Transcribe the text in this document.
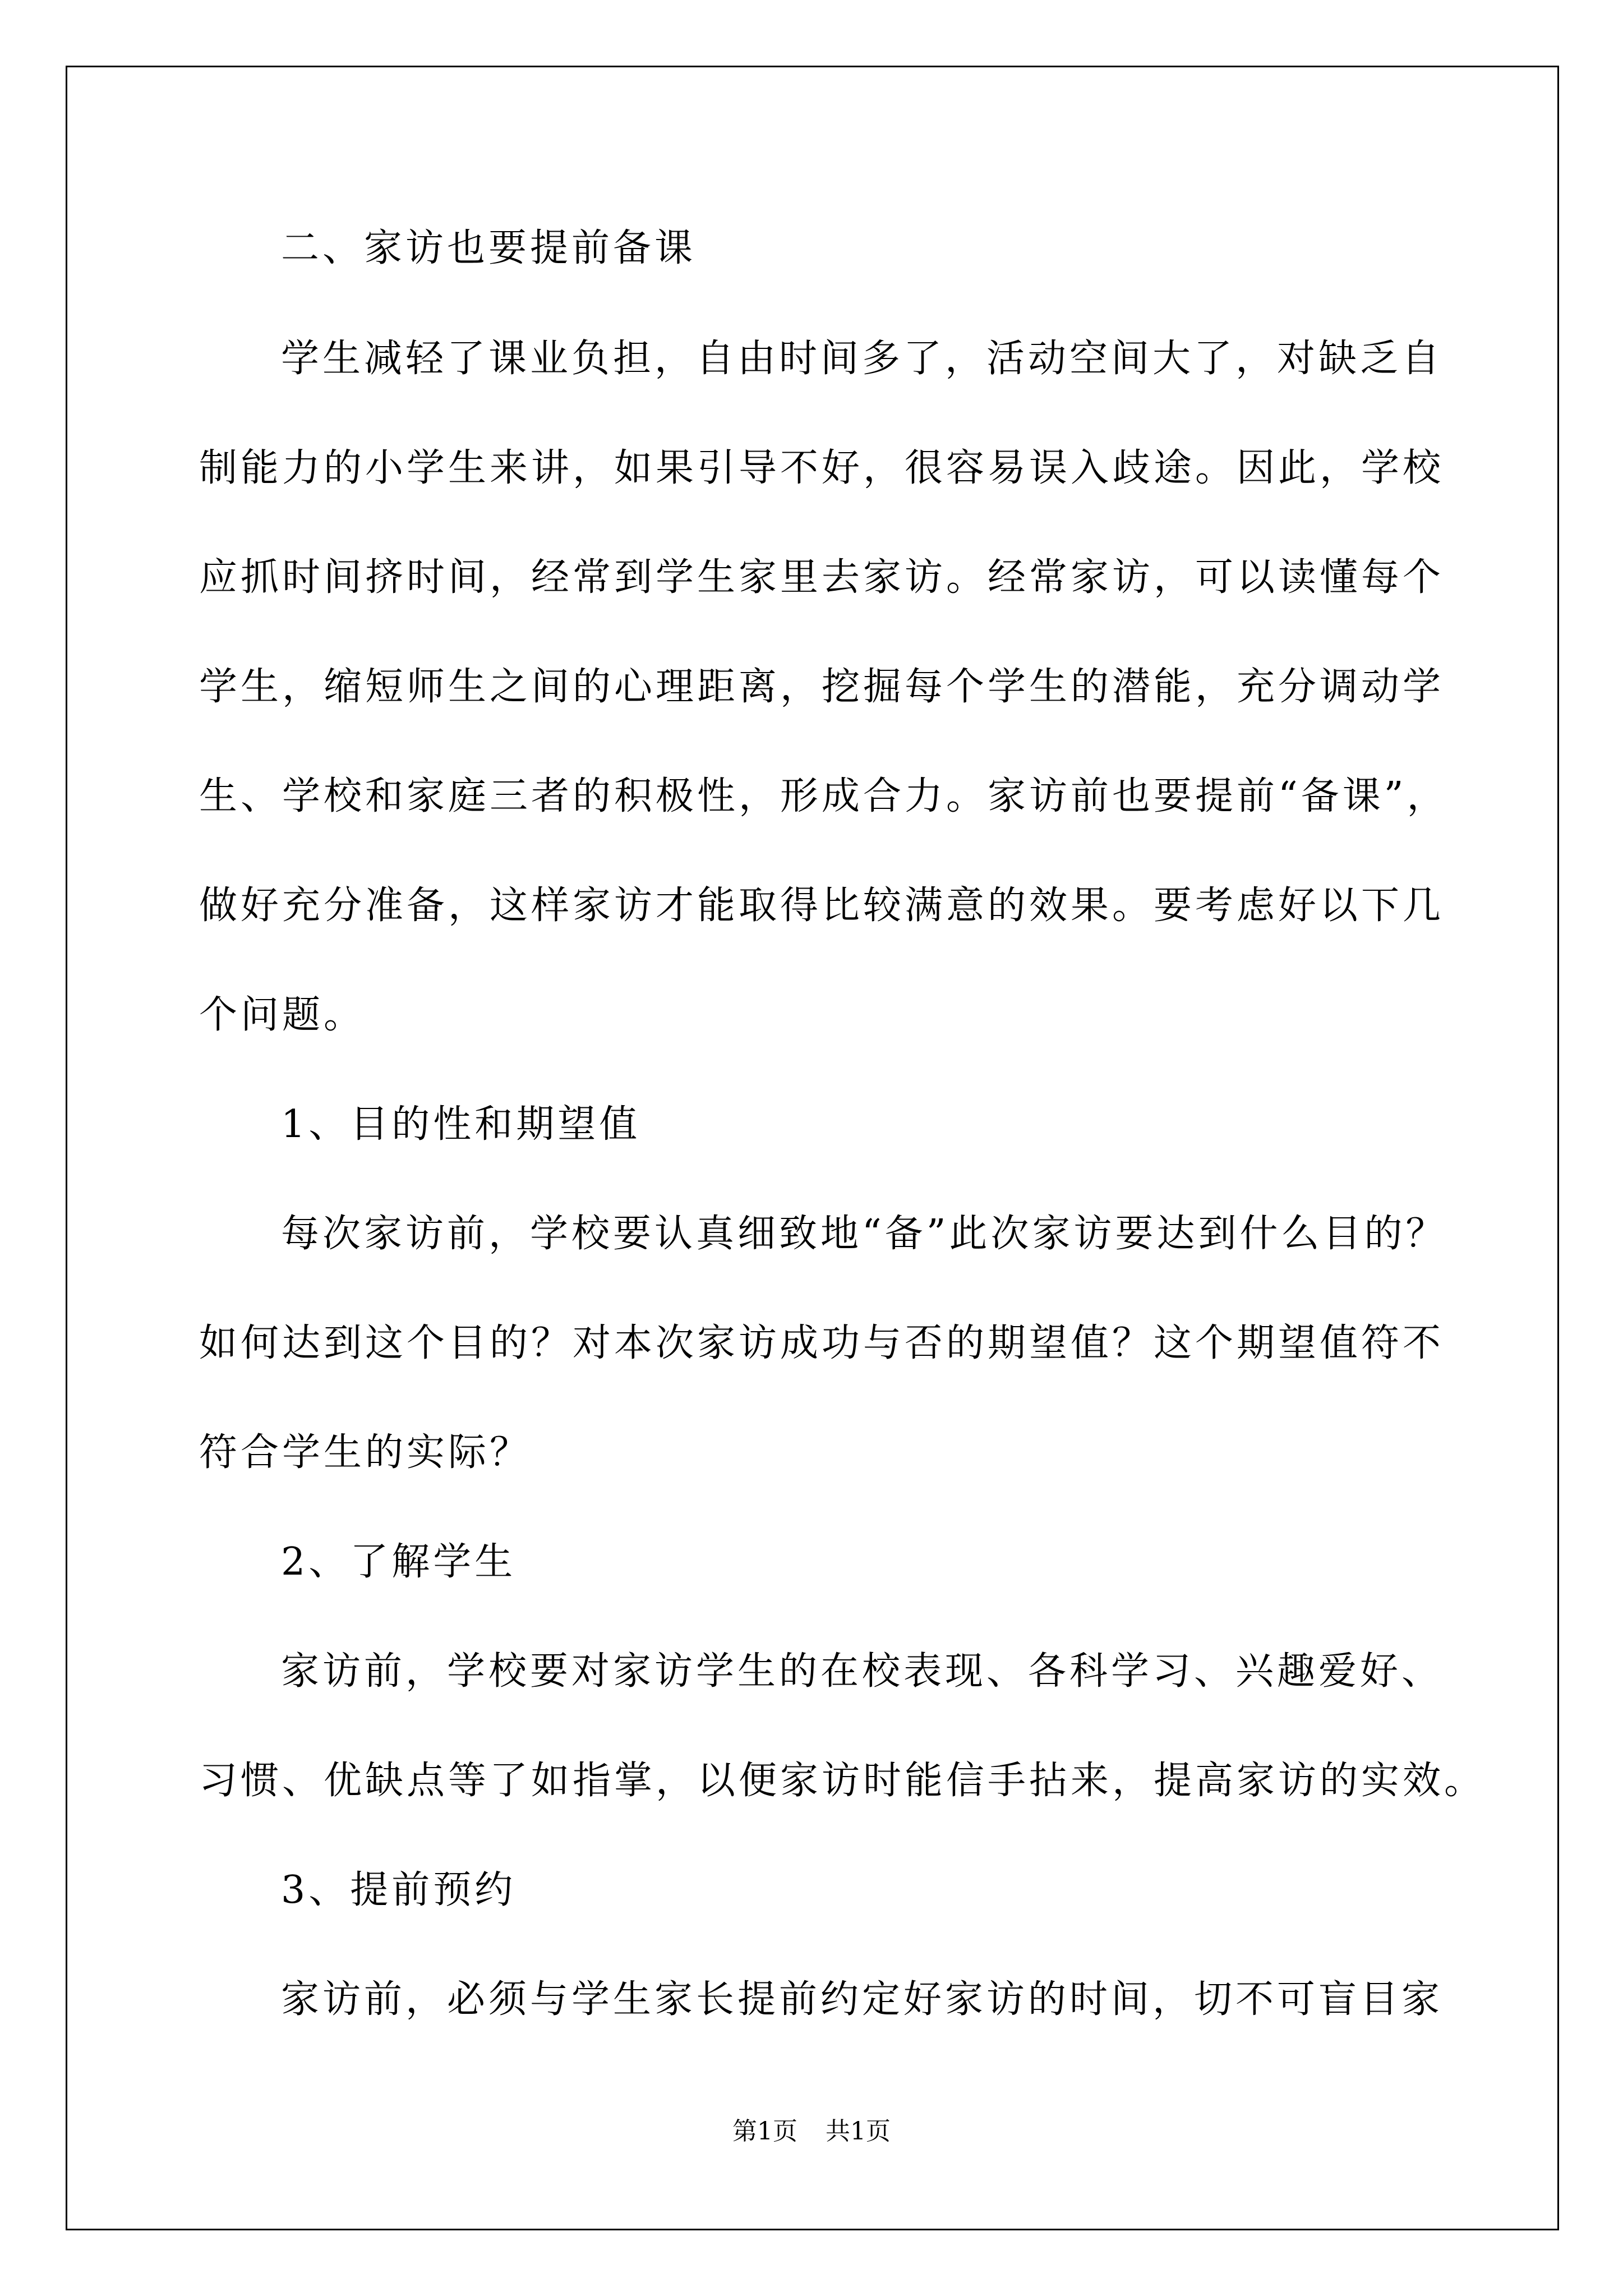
二、家访也要提前备课
学生减轻了课业负担，自由时间多了，活动空间大了，对缺乏自
制能力的小学生来讲，如果引导不好，很容易误入歧途。因此，学校
应抓时间挤时间，经常到学生家里去家访。经常家访，可以读懂每个
学生，缩短师生之间的心理距离，挖掘每个学生的潜能，充分调动学
生、学校和家庭三者的积极性，形成合力。家访前也要提前“备课”，
做好充分准备，这样家访才能取得比较满意的效果。要考虑好以下几
个问题。
1、目的性和期望值
每次家访前，学校要认真细致地“备”此次家访要达到什么目的？
如何达到这个目的？对本次家访成功与否的期望值？这个期望值符不
符合学生的实际？
2、了解学生
家访前，学校要对家访学生的在校表现、各科学习、兴趣爱好、
习惯、优缺点等了如指掌，以便家访时能信手拈来，提高家访的实效。
3、提前预约
家访前，必须与学生家长提前约定好家访的时间，切不可盲目家
第1页 共1页
